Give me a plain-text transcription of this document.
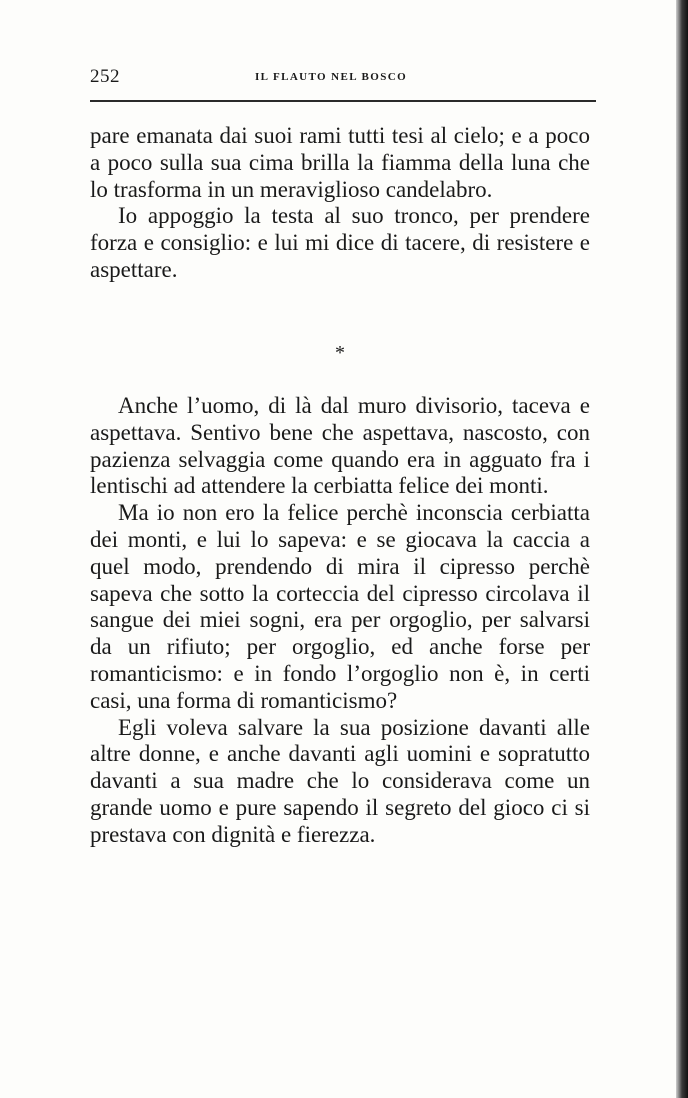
252	IL FLAUTO NEL BOSCO

pare emanata dai suoi rami tutti tesi al cielo; e a poco a poco sulla sua cima brilla la fiamma della luna che lo trasforma in un meraviglioso candelabro.

Io appoggio la testa al suo tronco, per prendere forza e consiglio: e lui mi dice di tacere, di resistere e aspettare.

*

Anche l’uomo, di là dal muro divisorio, taceva e aspettava. Sentivo bene che aspettava, nascosto, con pazienza selvaggia come quando era in agguato fra i lentischi ad attendere la cerbiatta felice dei monti.

Ma io non ero la felice perchè inconscia cerbiatta dei monti, e lui lo sapeva: e se giocava la caccia a quel modo, prendendo di mira il cipresso perchè sapeva che sotto la corteccia del cipresso circolava il sangue dei miei sogni, era per orgoglio, per salvarsi da un rifiuto; per orgoglio, ed anche forse per romanticismo: e in fondo l’orgoglio non è, in certi casi, una forma di romanticismo?

Egli voleva salvare la sua posizione davanti alle altre donne, e anche davanti agli uomini e sopratutto davanti a sua madre che lo considerava come un grande uomo e pure sapendo il segreto del gioco ci si prestava con dignità e fierezza.
